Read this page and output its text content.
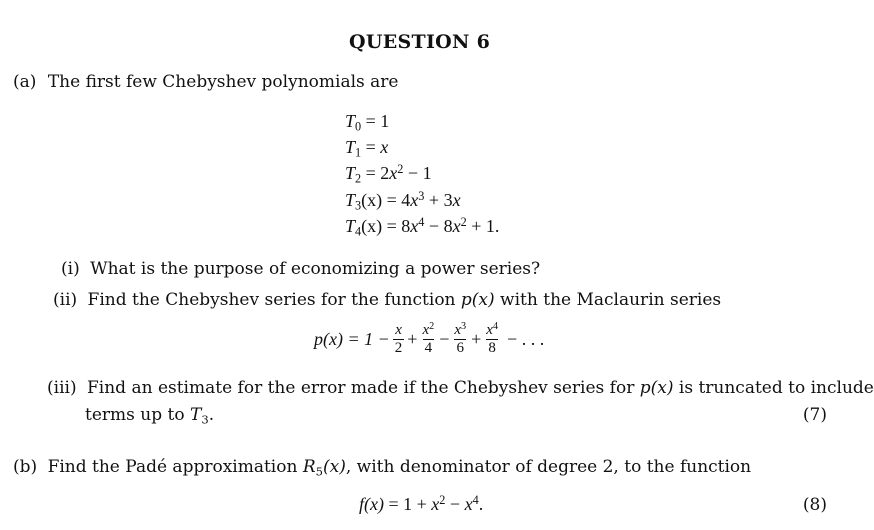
QUESTION 6
(a) The first few Chebyshev polynomials are
$T_0 = 1$
$T_1 = x$
$T_2 = 2x^2 - 1$
$T_3(x) = 4x^3 + 3x$
$T_4(x) = 8x^4 - 8x^2 + 1$.
(i) What is the purpose of economizing a power series?
(ii) Find the Chebyshev series for the function p(x) with the Maclaurin series
$p(x) = 1 - \frac{x}{2} + \frac{x^2}{4} - \frac{x^3}{6} + \frac{x^4}{8}$ − . . .
(iii) Find an estimate for the error made if the Chebyshev series for p(x) is truncated to include
terms up to $T_3$.	(7)
(b) Find the Padé approximation $R_5(x)$, with denominator of degree 2, to the function
$f(x) = 1 + x^2 - x^4$.	(8)
